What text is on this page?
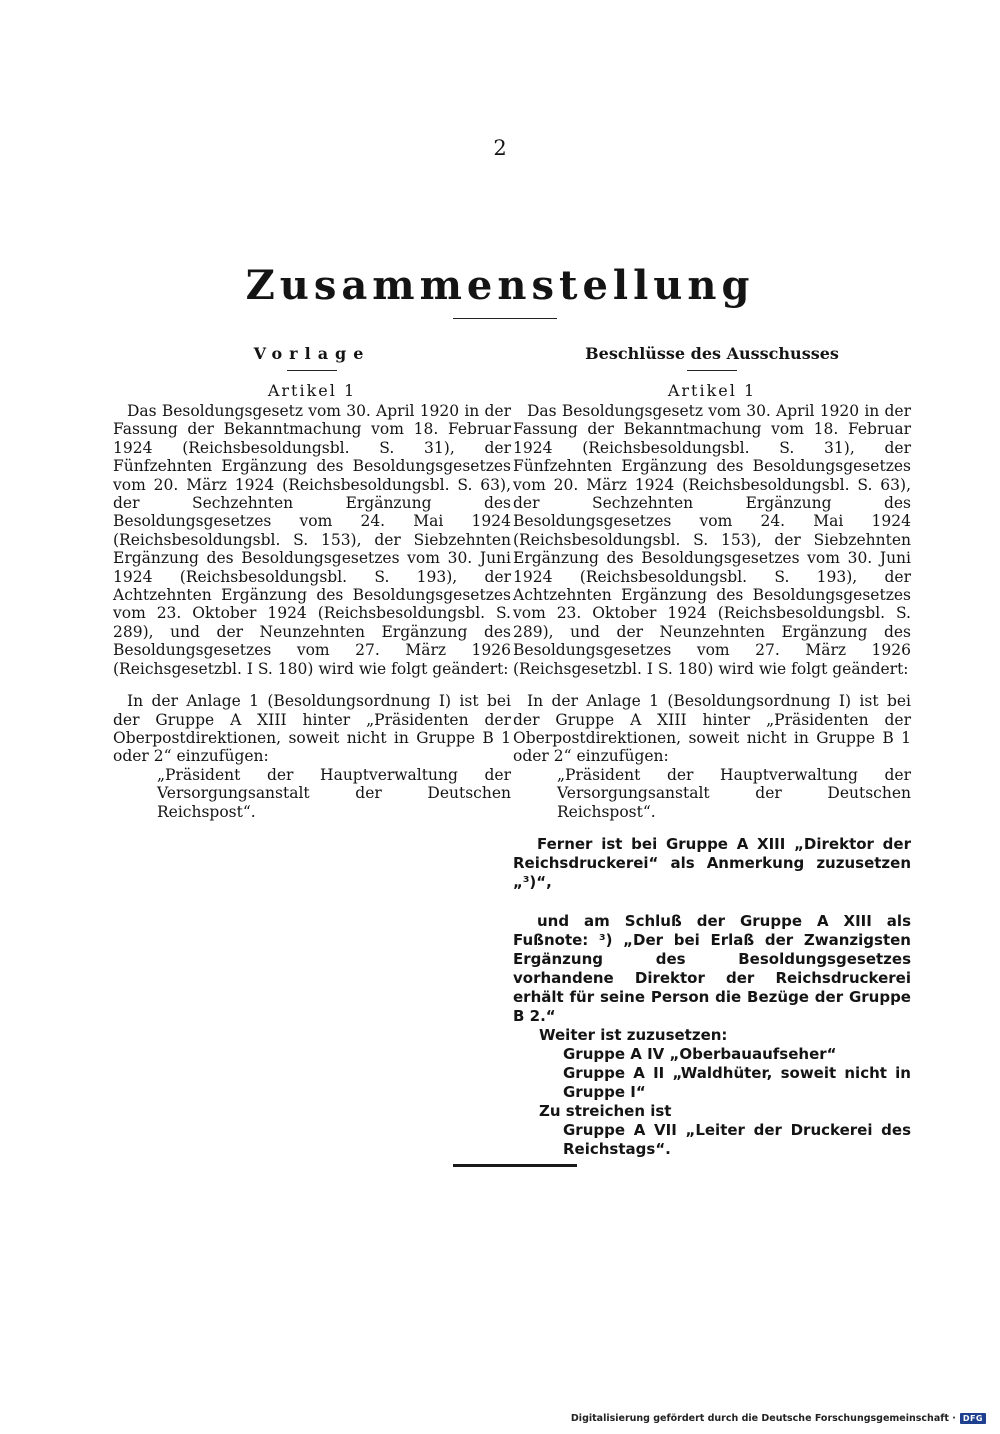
2
Zusammenstellung
Vorlage
Artikel 1

Das Besoldungsgesetz vom 30. April 1920 in der Fassung der Bekanntmachung vom 18. Februar 1924 (Reichsbesoldungsbl. S. 31), der Fünfzehnten Ergänzung des Besoldungsgesetzes vom 20. März 1924 (Reichsbesoldungsbl. S. 63), der Sechzehnten Ergänzung des Besoldungsgesetzes vom 24. Mai 1924 (Reichsbesoldungsbl. S. 153), der Siebzehnten Ergänzung des Besoldungsgesetzes vom 30. Juni 1924 (Reichsbesoldungsbl. S. 193), der Achtzehnten Ergänzung des Besoldungsgesetzes vom 23. Oktober 1924 (Reichsbesoldungsbl. S. 289), und der Neunzehnten Ergänzung des Besoldungsgesetzes vom 27. März 1926 (Reichsgesetzbl. I S. 180) wird wie folgt geändert:

In der Anlage 1 (Besoldungsordnung I) ist bei der Gruppe A XIII hinter „Präsidenten der Oberpostdirektionen, soweit nicht in Gruppe B 1 oder 2“ einzufügen:

„Präsident der Hauptverwaltung der Versorgungsanstalt der Deutschen Reichspost“.

Beschlüsse des Ausschusses
Artikel 1

Das Besoldungsgesetz vom 30. April 1920 in der Fassung der Bekanntmachung vom 18. Februar 1924 (Reichsbesoldungsbl. S. 31), der Fünfzehnten Ergänzung des Besoldungsgesetzes vom 20. März 1924 (Reichsbesoldungsbl. S. 63), der Sechzehnten Ergänzung des Besoldungsgesetzes vom 24. Mai 1924 (Reichsbesoldungsbl. S. 153), der Siebzehnten Ergänzung des Besoldungsgesetzes vom 30. Juni 1924 (Reichsbesoldungsbl. S. 193), der Achtzehnten Ergänzung des Besoldungsgesetzes vom 23. Oktober 1924 (Reichsbesoldungsbl. S. 289), und der Neunzehnten Ergänzung des Besoldungsgesetzes vom 27. März 1926 (Reichsgesetzbl. I S. 180) wird wie folgt geändert:

In der Anlage 1 (Besoldungsordnung I) ist bei der Gruppe A XIII hinter „Präsidenten der Oberpostdirektionen, soweit nicht in Gruppe B 1 oder 2“ einzufügen:

„Präsident der Hauptverwaltung der Versorgungsanstalt der Deutschen Reichspost“.

Ferner ist bei Gruppe A XIII „Direktor der Reichsdruckerei“ als Anmerkung zuzusetzen „³)“,

und am Schluß der Gruppe A XIII als Fußnote: ³) „Der bei Erlaß der Zwanzigsten Ergänzung des Besoldungsgesetzes vorhandene Direktor der Reichsdruckerei erhält für seine Person die Bezüge der Gruppe B 2.“

Weiter ist zuzusetzen:

Gruppe A IV „Oberbauaufseher“

Gruppe A II „Waldhüter, soweit nicht in Gruppe I“

Zu streichen ist

Gruppe A VII „Leiter der Druckerei des Reichstags“.

Digitalisierung gefördert durch die Deutsche Forschungsgemeinschaft · DFG
